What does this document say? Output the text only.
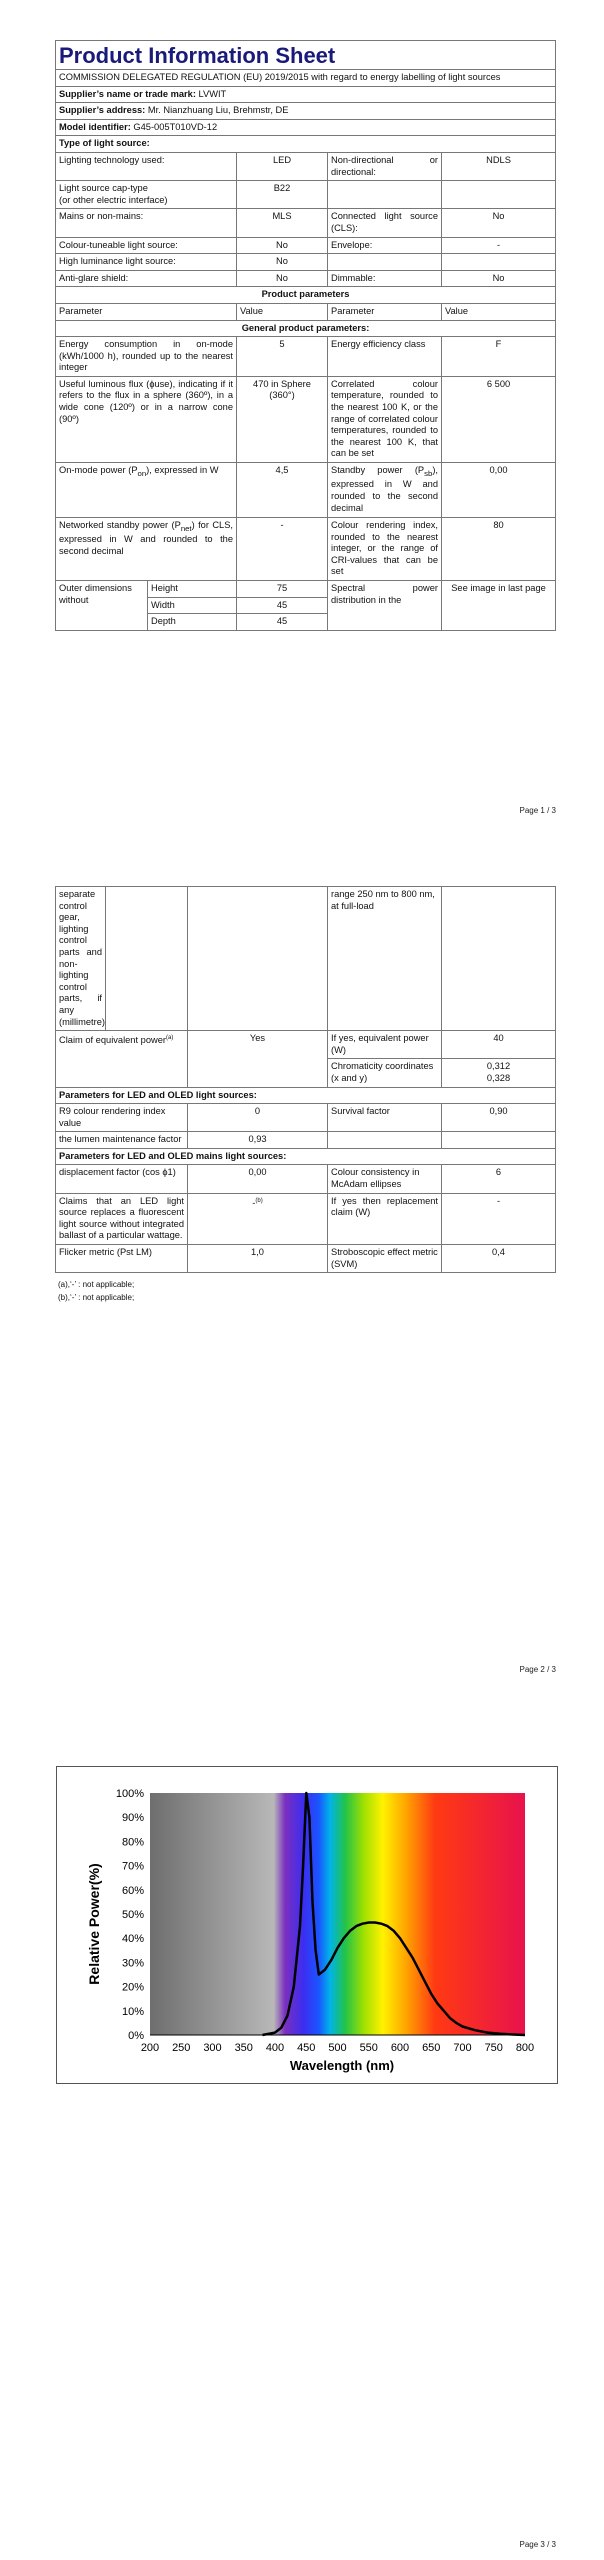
Product Information Sheet				
COMMISSION DELEGATED REGULATION (EU) 2019/2015 with regard to energy labelling of light sources				
Supplier’s name or trade mark: LVWIT				
Supplier’s address: Mr. Nianzhuang Liu, Brehmstr, DE				
Model identifier: G45-005T010VD-12				
Type of light source:				
Lighting technology used:		LED	Non-directional or directional:	NDLS
Light source cap-type
(or other electric interface)		B22		
Mains or non-mains:		MLS	Connected light source (CLS):	No
Colour-tuneable light source:		No	Envelope:	-
High luminance light source:		No		
Anti-glare shield:		No	Dimmable:	No
Product parameters				
Parameter		Value	Parameter	Value
General product parameters:				
Energy consumption in on-mode (kWh/1000 h), rounded up to the nearest integer		5	Energy efficiency class	F
Useful luminous flux (ɸuse), indicating if it refers to the flux in a sphere (360º), in a wide cone (120º) or in a narrow cone (90º)		470 in Sphere (360°)	Correlated colour temperature, rounded to the nearest 100 K, or the range of correlated colour temperatures, rounded to the nearest 100 K, that can be set	6 500
On-mode power $(P_{on})$, expressed in W		4,5	Standby power $(P_{sb})$, expressed in W and rounded to the second decimal	0,00
Networked standby power $(P_{net})$ for CLS, expressed in W and rounded to the second decimal		-	Colour rendering index, rounded to the nearest integer, or the range of CRI-values that can be set	80
Outer dimensions without	Height	75	Spectral power distribution in the	See image in last page
	Width	45		
	Depth	45		
Page 1 / 3
separate control gear, lighting control parts and non-lighting control parts, if any (millimetre)			range 250 nm to 800 nm, at full-load	
Claim of equivalent power$^{(a)}$		Yes	If yes, equivalent power (W)	40
			Chromaticity coordinates (x and y)	0,312
0,328

Parameters for LED and OLED light sources:				
R9 colour rendering index value		0	Survival factor	0,90
the lumen maintenance factor		0,93		
Parameters for LED and OLED mains light sources:				
displacement factor (cos ϕ1)		0,00	Colour consistency in McAdam ellipses	6
Claims that an LED light source replaces a fluorescent light source without integrated ballast of a particular wattage.		-$^{(b)}$	If yes then replacement claim (W)	-
Flicker metric (Pst LM)		1,0	Stroboscopic effect metric (SVM)	0,4
(a),‘-’ : not applicable;
(b),‘-’ : not applicable;
Page 2 / 3
0%
10%
20%
30%
40%
50%
60%
70%
80%
90%
100%
200 250 300 350 400 450 500 550 600 650 700 750 800
Relative Power(%)
Wavelength (nm)
Page 3 / 3
